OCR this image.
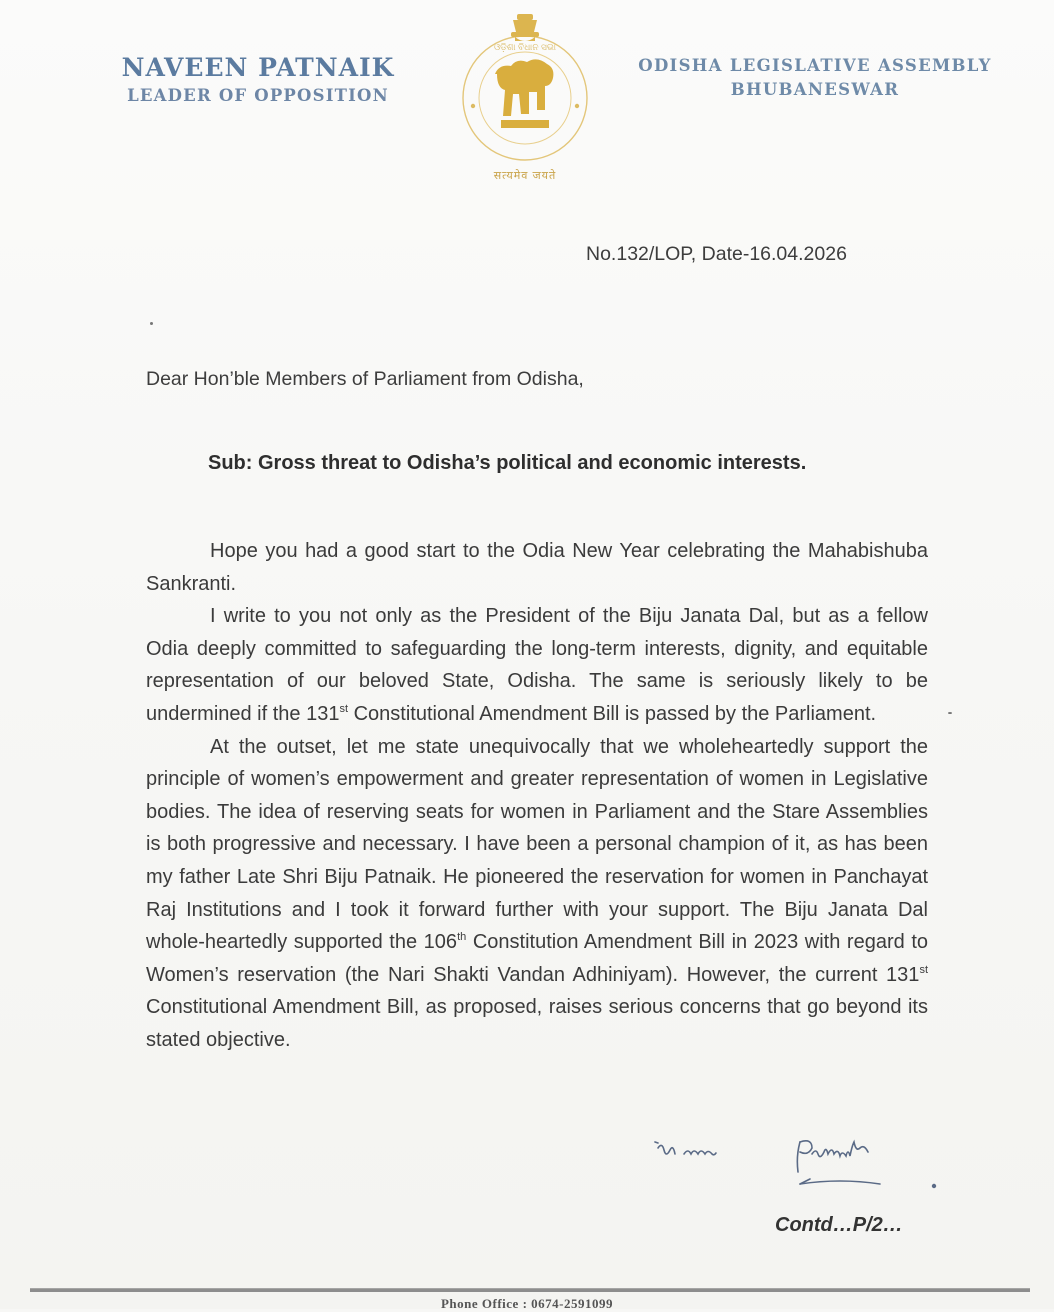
NAVEEN PATNAIK
LEADER OF OPPOSITION
ଓଡ଼ିଶା ବିଧାନ ସଭା
सत्यमेव जयते
ODISHA LEGISLATIVE ASSEMBLY
BHUBANESWAR
No.132/LOP, Date-16.04.2026
Dear Hon’ble Members of Parliament from Odisha,
Sub: Gross threat to Odisha’s political and economic interests.

Hope you had a good start to the Odia New Year celebrating the Mahabishuba Sankranti.

I write to you not only as the President of the Biju Janata Dal, but as a fellow Odia deeply committed to safeguarding the long-term interests, dignity, and equitable representation of our beloved State, Odisha. The same is seriously likely to be undermined if the 131st Constitutional Amendment Bill is passed by the Parliament.

At the outset, let me state unequivocally that we wholeheartedly support the principle of women’s empowerment and greater representation of women in Legislative bodies. The idea of reserving seats for women in Parliament and the Stare Assemblies is both progressive and necessary. I have been a personal champion of it, as has been my father Late Shri Biju Patnaik. He pioneered the reservation for women in Panchayat Raj Institutions and I took it forward further with your support. The Biju Janata Dal whole-heartedly supported the 106th Constitution Amendment Bill in 2023 with regard to Women’s reservation (the Nari Shakti Vandan Adhiniyam). However, the current 131st Constitutional Amendment Bill, as proposed, raises serious concerns that go beyond its stated objective.

Contd…P/2…
Phone Office : 0674-2591099
